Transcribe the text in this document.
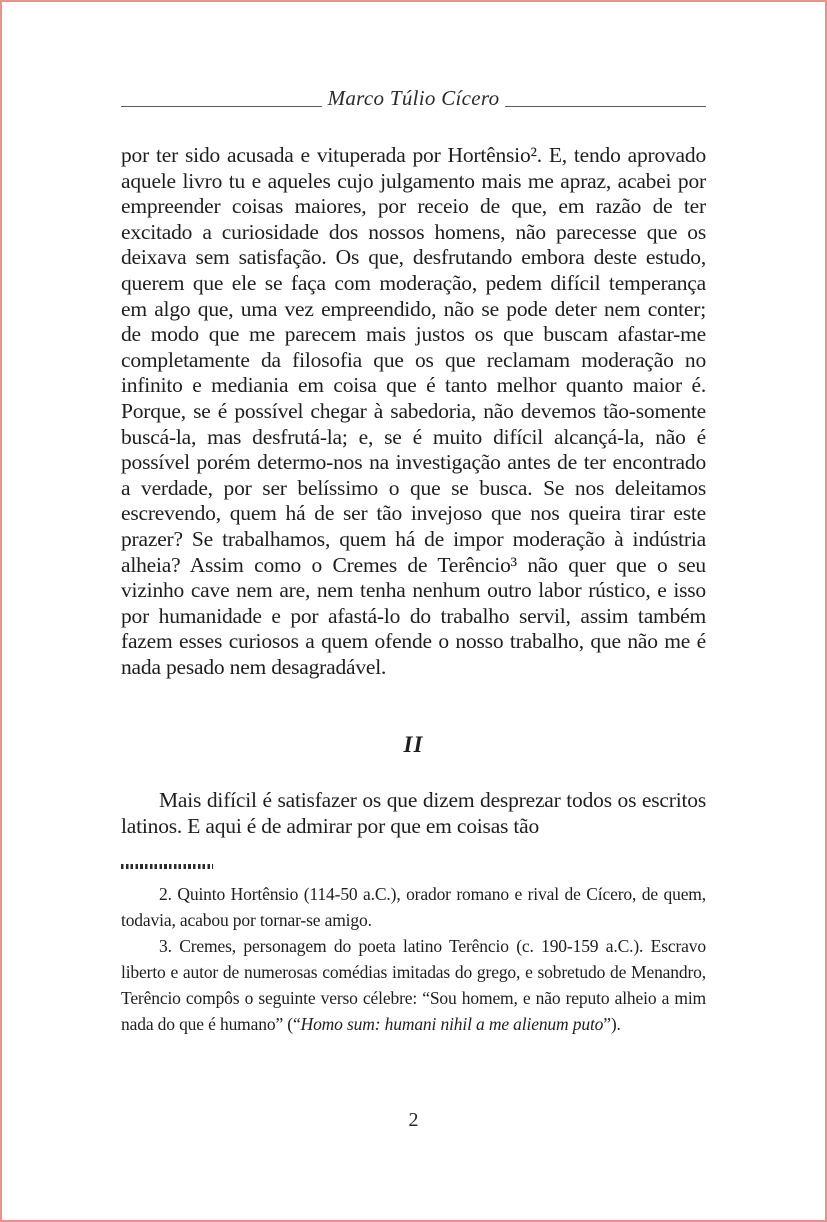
Marco Túlio Cícero

por ter sido acusada e vituperada por Hortênsio². E, tendo aprovado aquele livro tu e aqueles cujo julgamento mais me apraz, acabei por empreender coisas maiores, por receio de que, em razão de ter excitado a curiosidade dos nossos homens, não parecesse que os deixava sem satisfação. Os que, desfrutando embora deste estudo, querem que ele se faça com moderação, pedem difícil temperança em algo que, uma vez empreendido, não se pode deter nem conter; de modo que me parecem mais justos os que buscam afastar-me completamente da filosofia que os que reclamam moderação no infinito e mediania em coisa que é tanto melhor quanto maior é. Porque, se é possível chegar à sabedoria, não devemos tão-somente buscá-la, mas desfrutá-la; e, se é muito difícil alcançá-la, não é possível porém determo-nos na investigação antes de ter encontrado a verdade, por ser belíssimo o que se busca. Se nos deleitamos escrevendo, quem há de ser tão invejoso que nos queira tirar este prazer? Se trabalhamos, quem há de impor moderação à indústria alheia? Assim como o Cremes de Terêncio³ não quer que o seu vizinho cave nem are, nem tenha nenhum outro labor rústico, e isso por humanidade e por afastá-lo do trabalho servil, assim também fazem esses curiosos a quem ofende o nosso trabalho, que não me é nada pesado nem desagradável.

II

Mais difícil é satisfazer os que dizem desprezar todos os escritos latinos. E aqui é de admirar por que em coisas tão

2. Quinto Hortênsio (114-50 a.C.), orador romano e rival de Cícero, de quem, todavia, acabou por tornar-se amigo.

3. Cremes, personagem do poeta latino Terêncio (c. 190-159 a.C.). Escravo liberto e autor de numerosas comédias imitadas do grego, e sobretudo de Menandro, Terêncio compôs o seguinte verso célebre: “Sou homem, e não reputo alheio a mim nada do que é humano” (“Homo sum: humani nihil a me alienum puto”).

2
